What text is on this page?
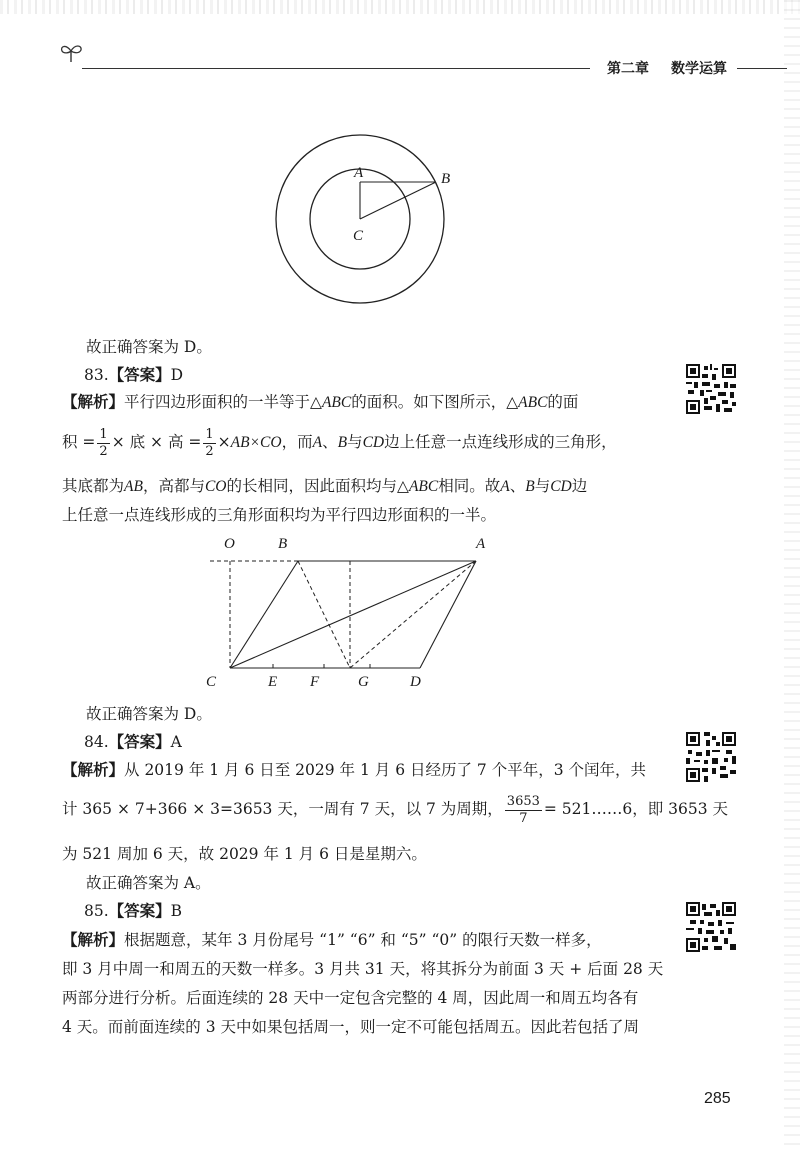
第二章 数学运算
A	B
C
故正确答案为 D。
83.【答案】D
【解析】平行四边形面积的一半等于△ABC的面积。如下图所示，△ABC的面
积 = $\frac{1}{2}$ × 底 × 高 = $\frac{1}{2} \times AB\times CO$，而A、B与CD边上任意一点连线形成的三角形，
其底都为AB，高都与CO的长相同，因此面积均与△ABC相同。故A、B与CD边
上任意一点连线形成的三角形面积均为平行四边形面积的一半。
O	B	A
C	E F	G	D
故正确答案为 D。
84.【答案】A
【解析】从 2019 年 1 月 6 日至 2029 年 1 月 6 日经历了 7 个平年，3 个闰年，共
计 365 × 7+366 × 3=3653 天，一周有 7 天，以 7 为周期， $\frac{3653}{7}$ = 521……6，即 3653 天
为 521 周加 6 天，故 2029 年 1 月 6 日是星期六。
故正确答案为 A。
85.【答案】B
【解析】根据题意，某年 3 月份尾号 “1” “6” 和 “5” “0” 的限行天数一样多，
即 3 月中周一和周五的天数一样多。3 月共 31 天，将其拆分为前面 3 天 + 后面 28 天
两部分进行分析。后面连续的 28 天中一定包含完整的 4 周，因此周一和周五均各有
4 天。而前面连续的 3 天中如果包括周一，则一定不可能包括周五。因此若包括了周
285
